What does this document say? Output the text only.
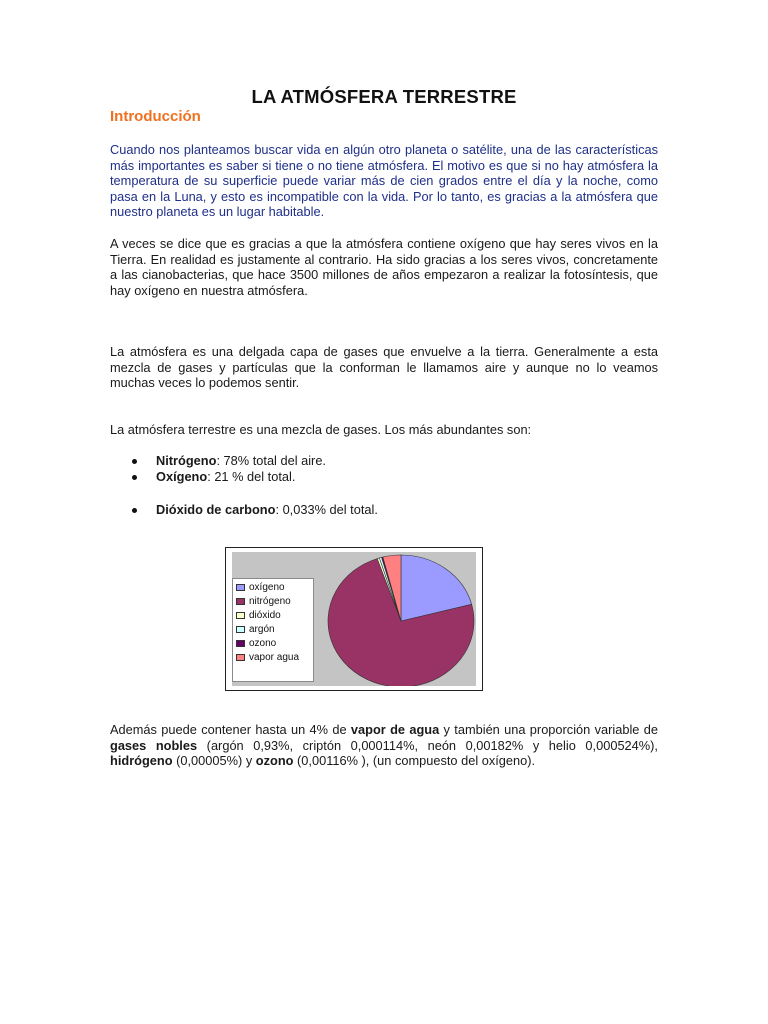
LA ATMÓSFERA TERRESTRE
Introducción

Cuando nos planteamos buscar vida en algún otro planeta o satélite, una de las características más importantes es saber si tiene o no tiene atmósfera. El motivo es que si no hay atmósfera la temperatura de su superficie puede variar más de cien grados entre el día y la noche, como pasa en la Luna, y esto es incompatible con la vida. Por lo tanto, es gracias a la atmósfera que nuestro planeta es un lugar habitable.

A veces se dice que es gracias a que la atmósfera contiene oxígeno que hay seres vivos en la Tierra. En realidad es justamente al contrario. Ha sido gracias a los seres vivos, concretamente a las cianobacterias, que hace 3500 millones de años empezaron a realizar la fotosíntesis, que hay oxígeno en nuestra atmósfera.

La atmósfera es una delgada capa de gases que envuelve a la tierra. Generalmente a esta mezcla de gases y partículas que la conforman le llamamos aire y aunque no lo veamos muchas veces lo podemos sentir.

La atmósfera terrestre es una mezcla de gases. Los más abundantes son:

Nitrógeno: 78% total del aire.
Oxígeno: 21 % del total.
Dióxido de carbono: 0,033% del total.

Además puede contener hasta un 4% de vapor de agua y también una proporción variable de gases nobles (argón 0,93%, criptón 0,000114%, neón 0,00182% y helio 0,000524%), hidrógeno (0,00005%) y ozono (0,00116% ), (un compuesto del oxígeno).

oxígeno
nitrógeno
dióxido
argón
ozono
vapor agua
